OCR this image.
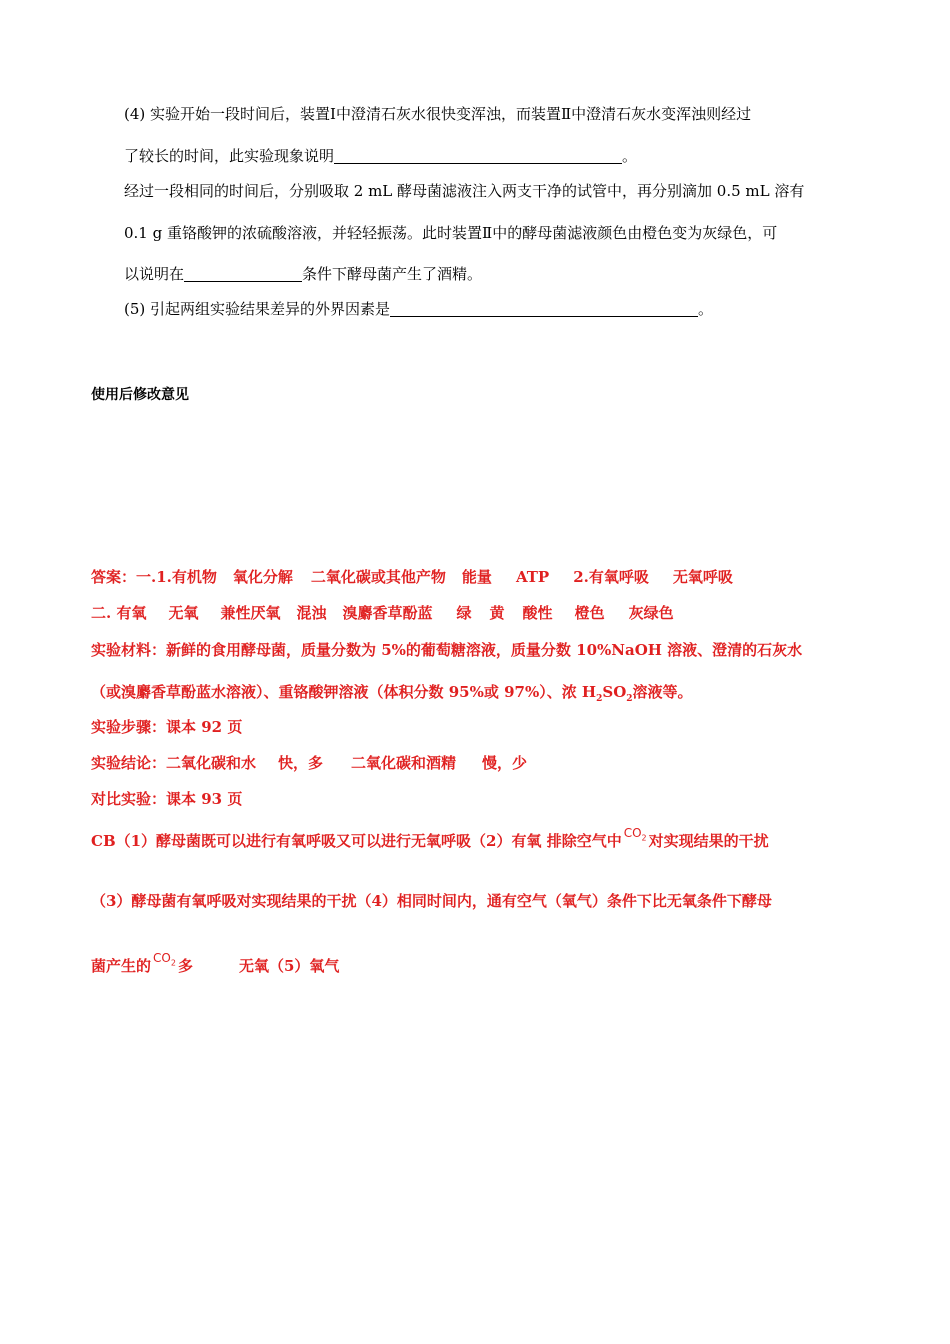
(4) 实验开始一段时间后，装置Ⅰ中澄清石灰水很快变浑浊，而装置Ⅱ中澄清石灰水变浑浊则经过
了较长的时间，此实验现象说明	。
经过一段相同的时间后，分别吸取 2 mL 酵母菌滤液注入两支干净的试管中，再分别滴加 0.5 mL 溶有
0.1 g 重铬酸钾的浓硫酸溶液，并轻轻振荡。此时装置Ⅱ中的酵母菌滤液颜色由橙色变为灰绿色，可
以说明在	条件下酵母菌产生了酒精。
(5) 引起两组实验结果差异的外界因素是	。
使用后修改意见
答案：一.1.有机物 氧化分解 二氧化碳或其他产物 能量 ATP 2.有氧呼吸 无氧呼吸
二. 有氧 无氧 兼性厌氧 混浊 溴麝香草酚蓝 绿 黄 酸性 橙色 灰绿色
实验材料：新鲜的食用酵母菌，质量分数为 5%的葡萄糖溶液，质量分数 10%NaOH 溶液、澄清的石灰水
（或溴麝香草酚蓝水溶液）、重铬酸钾溶液（体积分数 95%或 97%）、浓 $H_2SO_2$溶液等。
实验步骤：课本 92 页
实验结论：二氧化碳和水 快，多 二氧化碳和酒精 慢，少
对比实验：课本 93 页
CB（1）酵母菌既可以进行有氧呼吸又可以进行无氧呼吸（2）有氧 排除空气中 $^{CO_2}$ 对实现结果的干扰
（3）酵母菌有氧呼吸对实现结果的干扰（4）相同时间内，通有空气（氧气）条件下比无氧条件下酵母
菌产生的 $^{CO_2}$ 多	无氧（5）氧气
